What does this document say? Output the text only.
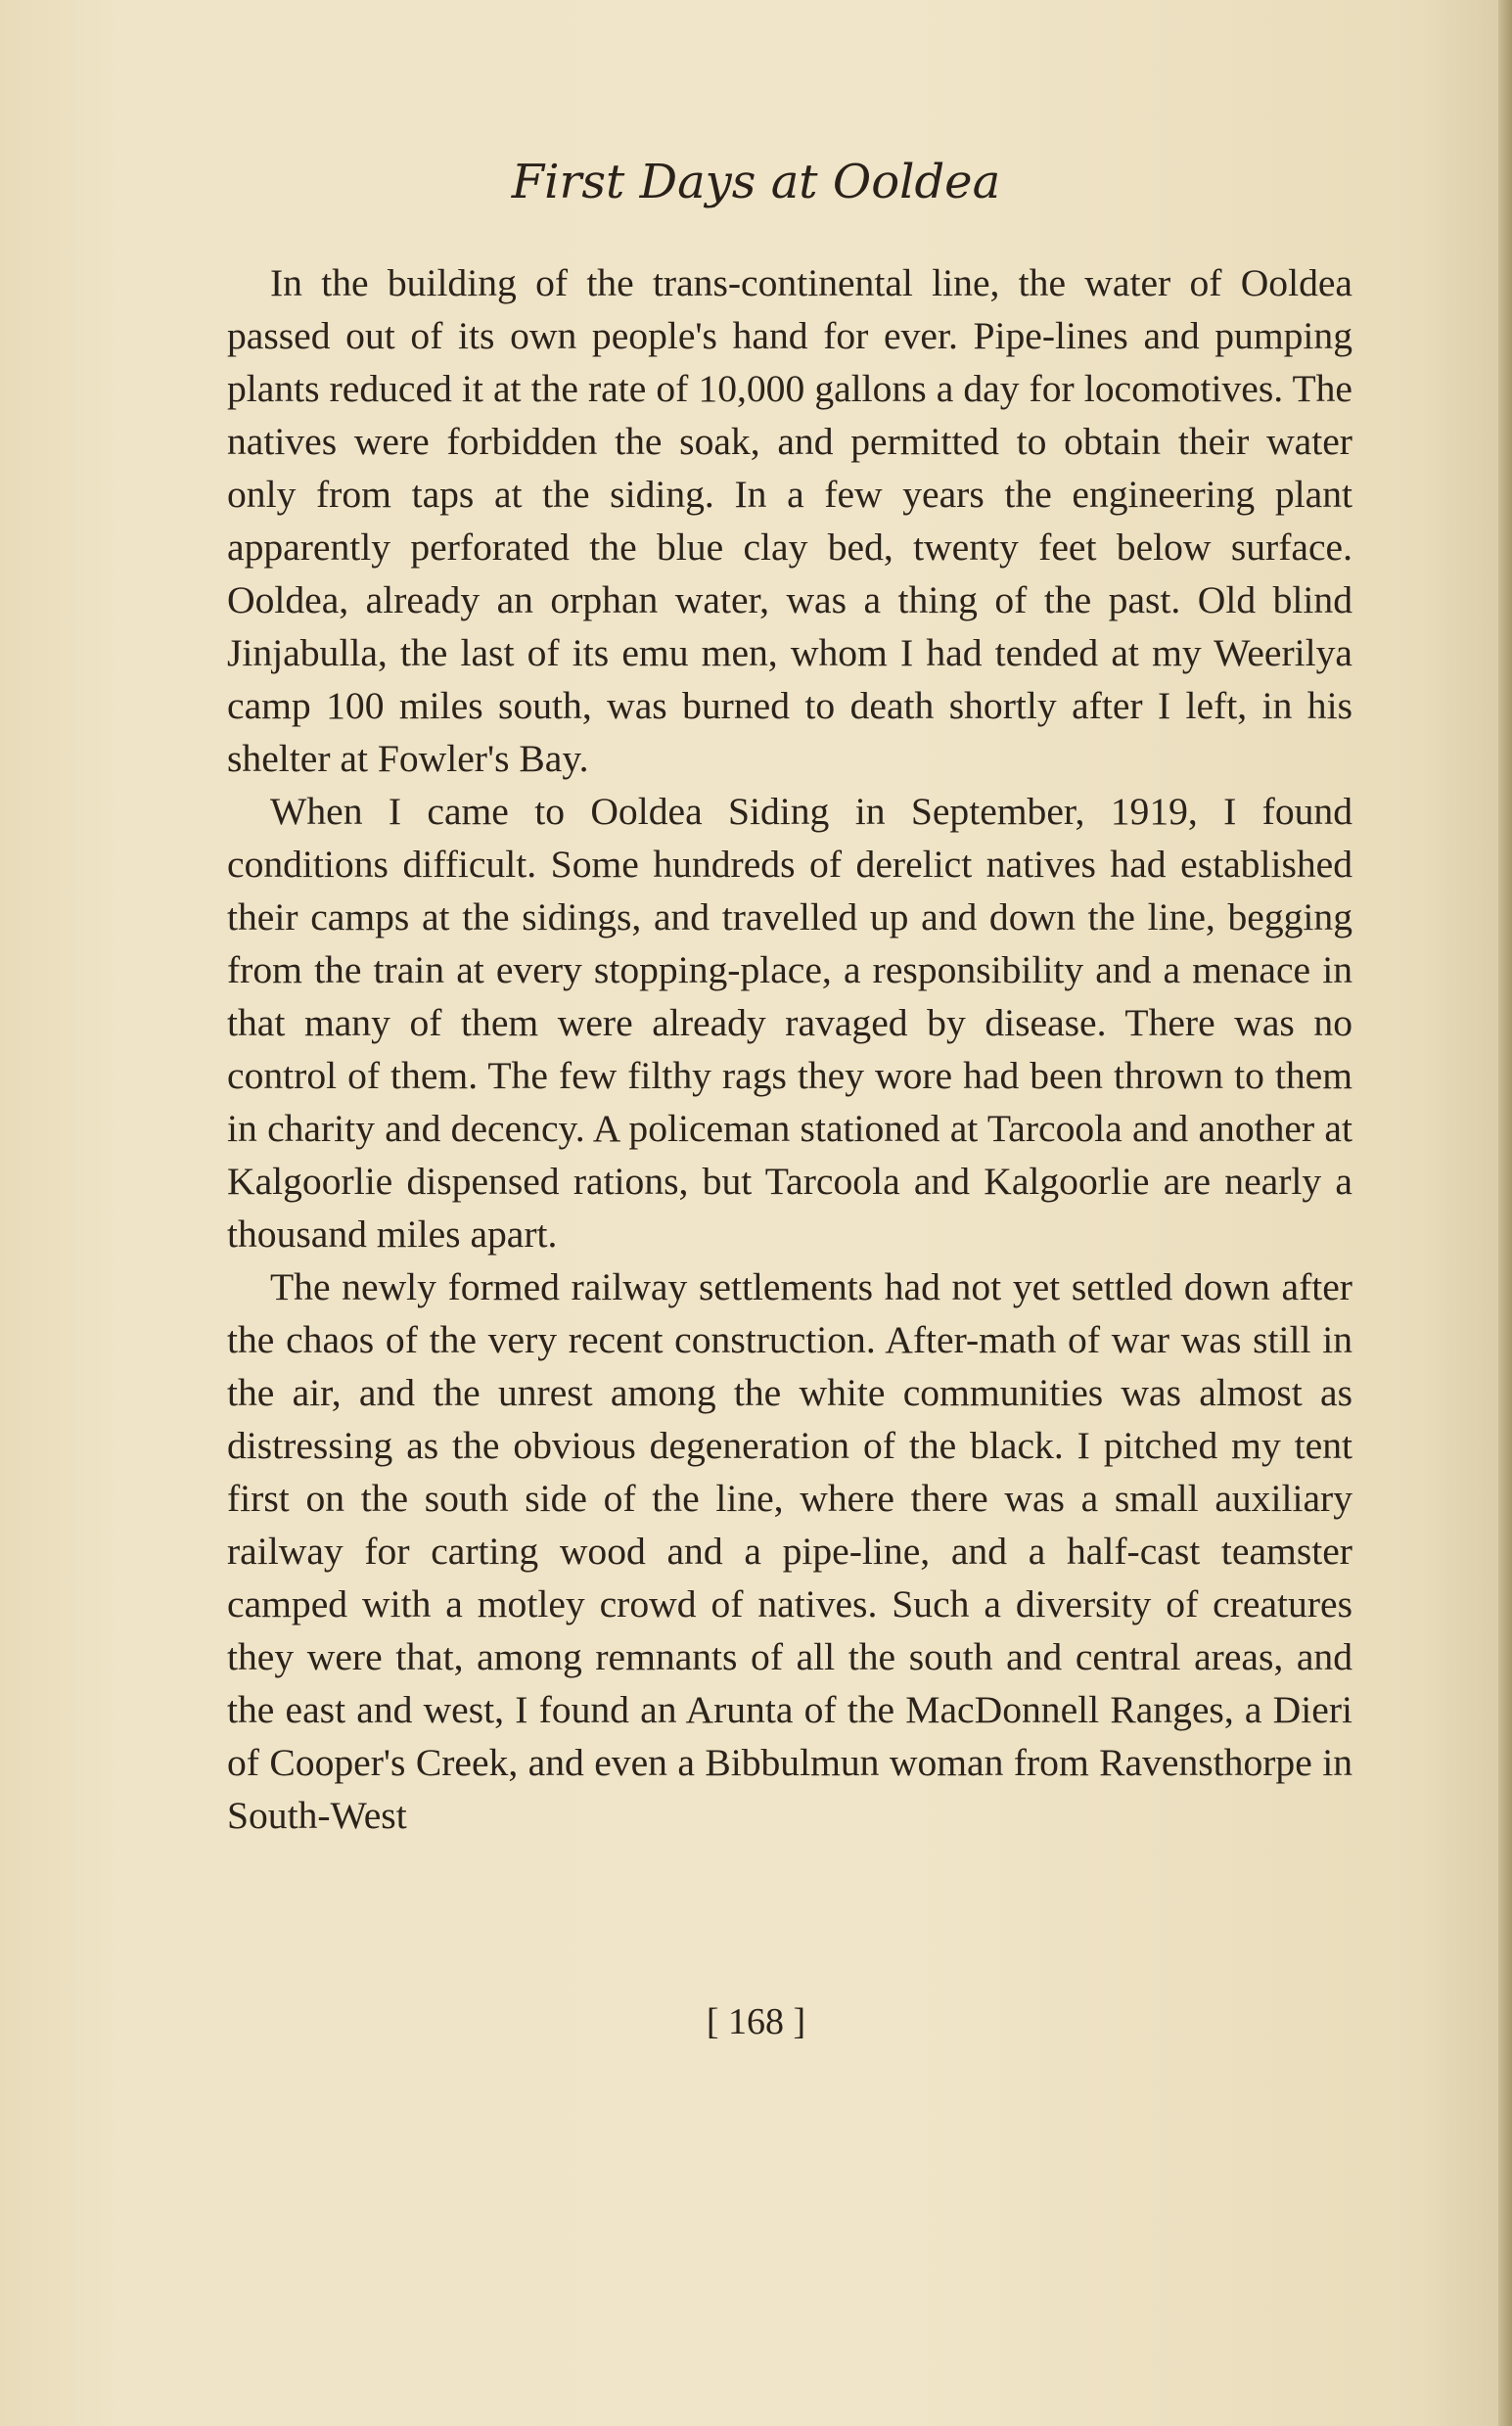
First Days at Ooldea

In the building of the trans-continental line, the water of Ooldea passed out of its own people's hand for ever. Pipe-lines and pumping plants reduced it at the rate of 10,000 gallons a day for locomotives. The natives were forbidden the soak, and permitted to obtain their water only from taps at the siding. In a few years the engineering plant apparently perforated the blue clay bed, twenty feet below surface. Ooldea, already an orphan water, was a thing of the past. Old blind Jinjabulla, the last of its emu men, whom I had tended at my Weerilya camp 100 miles south, was burned to death shortly after I left, in his shelter at Fowler's Bay.

When I came to Ooldea Siding in September, 1919, I found conditions difficult. Some hundreds of derelict natives had established their camps at the sidings, and travelled up and down the line, begging from the train at every stopping-place, a responsibility and a menace in that many of them were already ravaged by disease. There was no control of them. The few filthy rags they wore had been thrown to them in charity and decency. A policeman stationed at Tarcoola and another at Kalgoorlie dispensed rations, but Tarcoola and Kalgoorlie are nearly a thousand miles apart.

The newly formed railway settlements had not yet settled down after the chaos of the very recent construction. After-math of war was still in the air, and the unrest among the white communities was almost as distressing as the obvious degeneration of the black. I pitched my tent first on the south side of the line, where there was a small auxiliary railway for carting wood and a pipe-line, and a half-cast teamster camped with a motley crowd of natives. Such a diversity of creatures they were that, among remnants of all the south and central areas, and the east and west, I found an Arunta of the MacDonnell Ranges, a Dieri of Cooper's Creek, and even a Bibbulmun woman from Ravensthorpe in South-West

[ 168 ]
